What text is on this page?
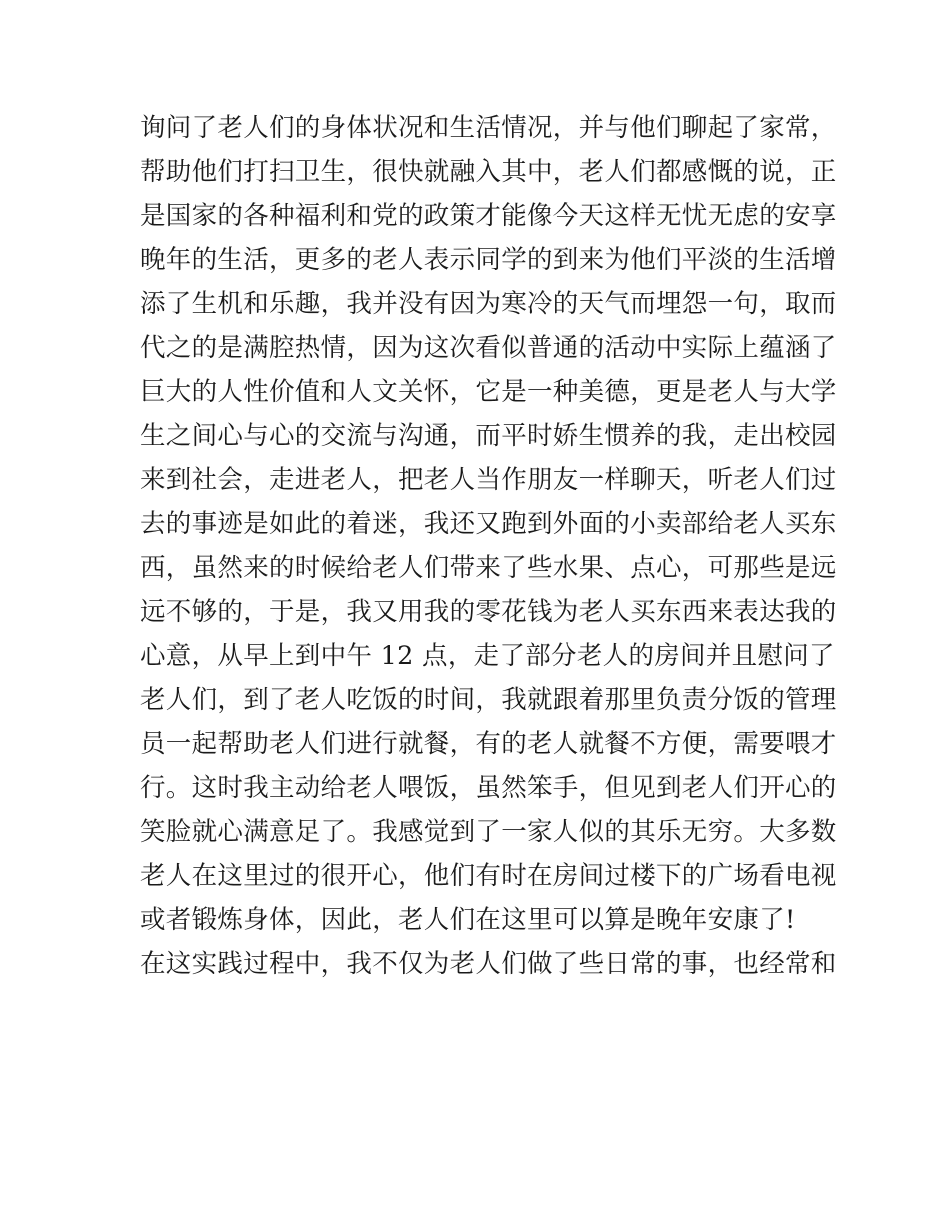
询问了老人们的身体状况和生活情况，并与他们聊起了家常，
帮助他们打扫卫生，很快就融入其中，老人们都感慨的说，正
是国家的各种福利和党的政策才能像今天这样无忧无虑的安享
晚年的生活，更多的老人表示同学的到来为他们平淡的生活增
添了生机和乐趣，我并没有因为寒冷的天气而埋怨一句，取而
代之的是满腔热情，因为这次看似普通的活动中实际上蕴涵了
巨大的人性价值和人文关怀，它是一种美德，更是老人与大学
生之间心与心的交流与沟通，而平时娇生惯养的我，走出校园
来到社会，走进老人，把老人当作朋友一样聊天，听老人们过
去的事迹是如此的着迷，我还又跑到外面的小卖部给老人买东
西，虽然来的时候给老人们带来了些水果、点心，可那些是远
远不够的，于是，我又用我的零花钱为老人买东西来表达我的
心意，从早上到中午 12 点，走了部分老人的房间并且慰问了
老人们，到了老人吃饭的时间，我就跟着那里负责分饭的管理
员一起帮助老人们进行就餐，有的老人就餐不方便，需要喂才
行。这时我主动给老人喂饭，虽然笨手，但见到老人们开心的
笑脸就心满意足了。我感觉到了一家人似的其乐无穷。大多数
老人在这里过的很开心，他们有时在房间过楼下的广场看电视
或者锻炼身体，因此，老人们在这里可以算是晚年安康了!
在这实践过程中，我不仅为老人们做了些日常的事，也经常和
